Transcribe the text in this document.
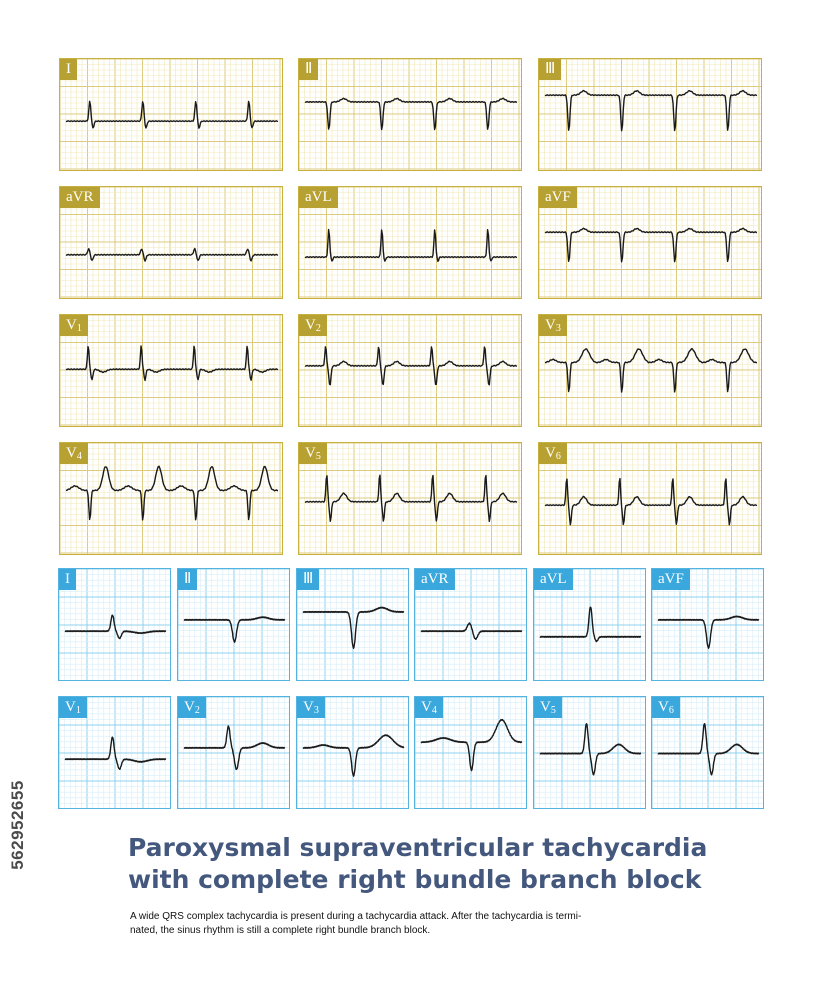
I	Ⅱ	Ⅲ
aVR	aVL	aVF
$V_1$	$V_2$	$V_3$
$V_4$	$V_5$	$V_6$
I	Ⅱ	Ⅲ	aVR	aVL	aVF
$V_1$	$V_2$	$V_3$	$V_4$	$V_5$	$V_6$
562952655	Paroxysmal supraventricular tachycardia
with complete right bundle branch block

A wide QRS complex tachycardia is present during a tachycardia attack. After the tachycardia is termi-
nated, the sinus rhythm is still a complete right bundle branch block.
